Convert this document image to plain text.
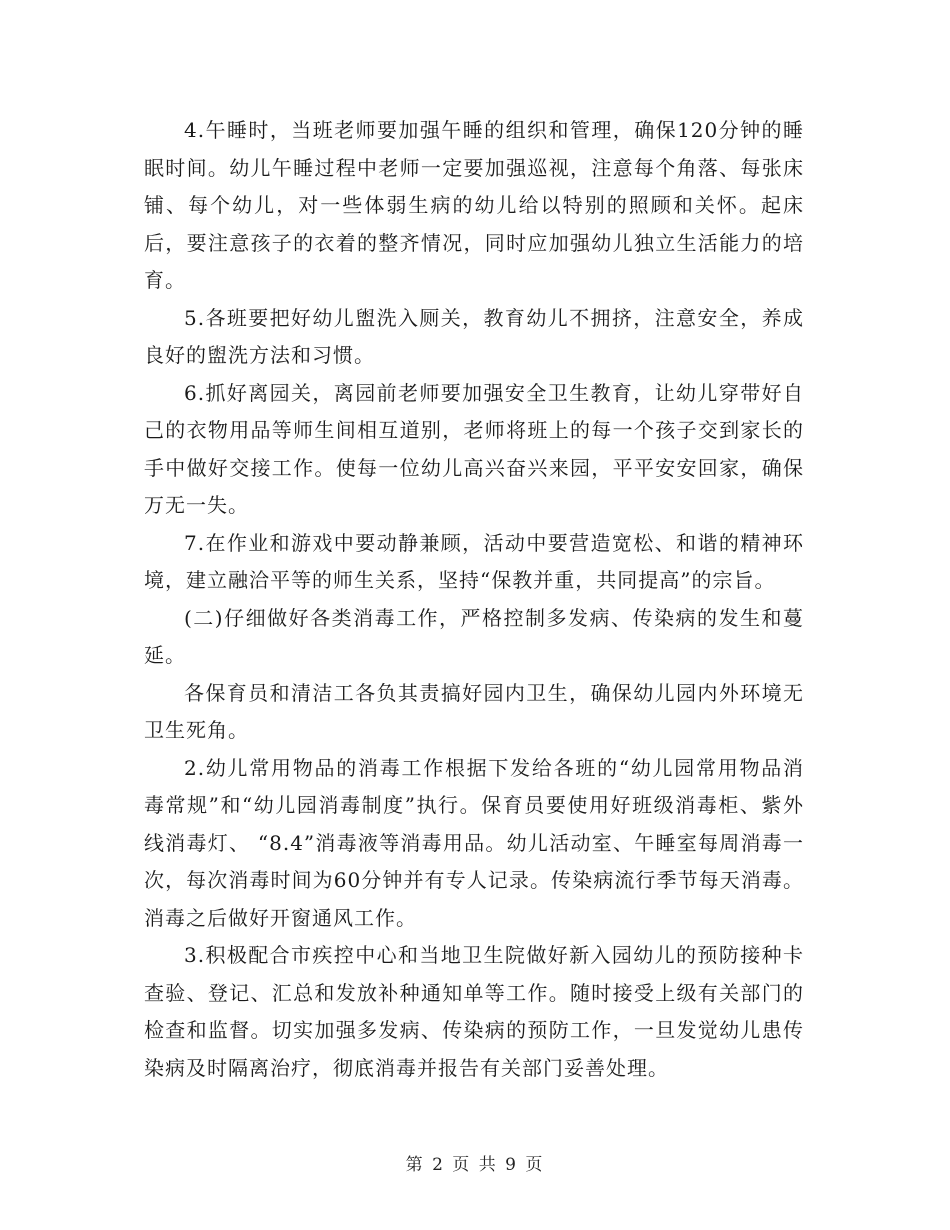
4.午睡时，当班老师要加强午睡的组织和管理，确保120分钟的睡眠时间。幼儿午睡过程中老师一定要加强巡视，注意每个角落、每张床铺、每个幼儿，对一些体弱生病的幼儿给以特别的照顾和关怀。起床后，要注意孩子的衣着的整齐情况，同时应加强幼儿独立生活能力的培育。

5.各班要把好幼儿盥洗入厕关，教育幼儿不拥挤，注意安全，养成良好的盥洗方法和习惯。

6.抓好离园关，离园前老师要加强安全卫生教育，让幼儿穿带好自己的衣物用品等师生间相互道别，老师将班上的每一个孩子交到家长的手中做好交接工作。使每一位幼儿高兴奋兴来园，平平安安回家，确保万无一失。

7.在作业和游戏中要动静兼顾，活动中要营造宽松、和谐的精神环境，建立融洽平等的师生关系，坚持“保教并重，共同提高”的宗旨。

(二)仔细做好各类消毒工作，严格控制多发病、传染病的发生和蔓延。

各保育员和清洁工各负其责搞好园内卫生，确保幼儿园内外环境无卫生死角。

2.幼儿常用物品的消毒工作根据下发给各班的“幼儿园常用物品消毒常规”和“幼儿园消毒制度”执行。保育员要使用好班级消毒柜、紫外线消毒灯、 “8.4”消毒液等消毒用品。幼儿活动室、午睡室每周消毒一次，每次消毒时间为60分钟并有专人记录。传染病流行季节每天消毒。消毒之后做好开窗通风工作。

3.积极配合市疾控中心和当地卫生院做好新入园幼儿的预防接种卡查验、登记、汇总和发放补种通知单等工作。随时接受上级有关部门的检查和监督。切实加强多发病、传染病的预防工作，一旦发觉幼儿患传染病及时隔离治疗，彻底消毒并报告有关部门妥善处理。

第 2 页 共 9 页
